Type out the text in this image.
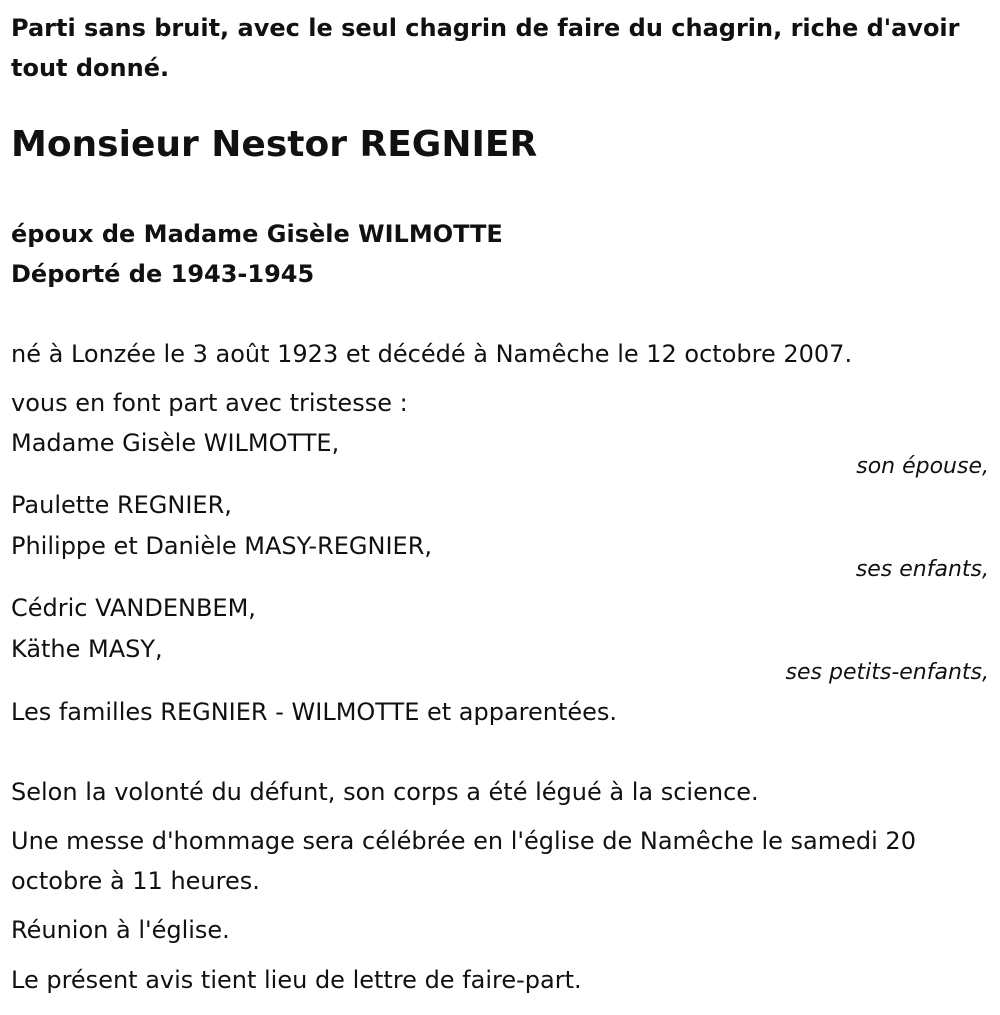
Parti sans bruit, avec le seul chagrin de faire du chagrin, riche d'avoir tout donné.

Monsieur Nestor REGNIER

époux de Madame Gisèle WILMOTTE

Déporté de 1943-1945

né à Lonzée le 3 août 1923 et décédé à Namêche le 12 octobre 2007.

vous en font part avec tristesse :

Madame Gisèle WILMOTTE,

son épouse,

Paulette REGNIER,

Philippe et Danièle MASY-REGNIER,

ses enfants,

Cédric VANDENBEM,

Käthe MASY,

ses petits-enfants,

Les familles REGNIER - WILMOTTE et apparentées.

Selon la volonté du défunt, son corps a été légué à la science.

Une messe d'hommage sera célébrée en l'église de Namêche le samedi 20 octobre à 11 heures.

Réunion à l'église.

Le présent avis tient lieu de lettre de faire-part.
